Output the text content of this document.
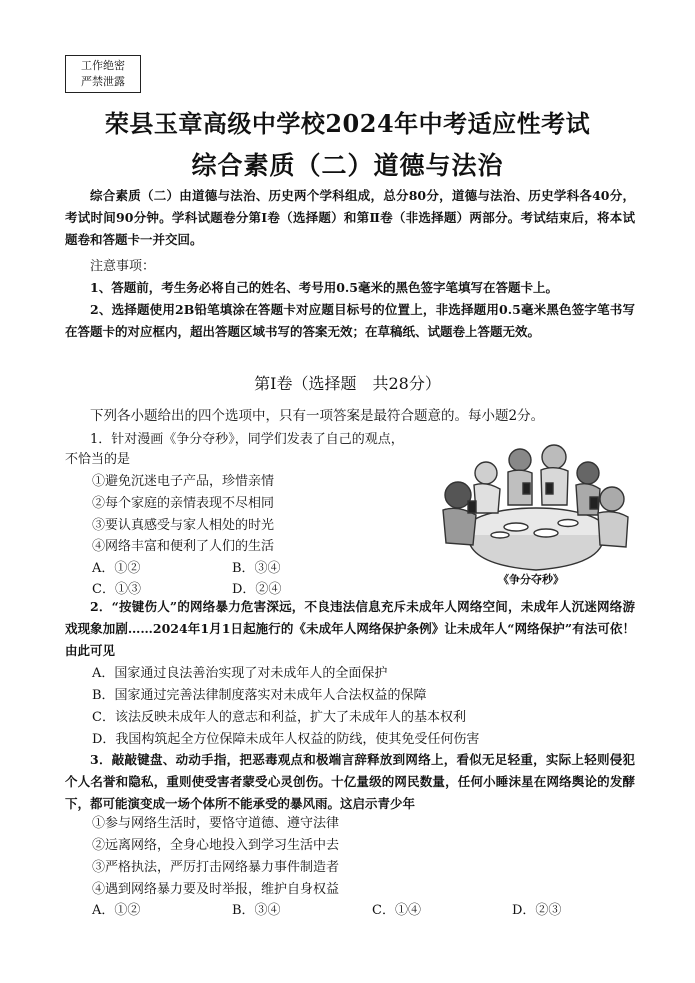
工作绝密
严禁泄露
荣县玉章高级中学校2024年中考适应性考试
综合素质（二）道德与法治
综合素质（二）由道德与法治、历史两个学科组成，总分80分，道德与法治、历史学科各40分，考试时间90分钟。学科试题卷分第Ⅰ卷（选择题）和第Ⅱ卷（非选择题）两部分。考试结束后，将本试题卷和答题卡一并交回。
注意事项：
1、答题前，考生务必将自己的姓名、考号用0.5毫米的黑色签字笔填写在答题卡上。
2、选择题使用2B铅笔填涂在答题卡对应题目标号的位置上，非选择题用0.5毫米黑色签字笔书写在答题卡的对应框内，超出答题区域书写的答案无效；在草稿纸、试题卷上答题无效。
第Ⅰ卷（选择题　共28分）
下列各小题给出的四个选项中，只有一项答案是最符合题意的。每小题2分。
1．针对漫画《争分夺秒》，同学们发表了自己的观点，
不恰当的是
①避免沉迷电子产品，珍惜亲情
②每个家庭的亲情表现不尽相同
③要认真感受与家人相处的时光
④网络丰富和便利了人们的生活
A．①②	B．③④
C．①③	D．②④
《争分夺秒》
2．“按键伤人”的网络暴力危害深远，不良违法信息充斥未成年人网络空间，未成年人沉迷网络游戏现象加剧……2024年1月1日起施行的《未成年人网络保护条例》让未成年人“网络保护”有法可依！由此可见
A．国家通过良法善治实现了对未成年人的全面保护
B．国家通过完善法律制度落实对未成年人合法权益的保障
C．该法反映未成年人的意志和利益，扩大了未成年人的基本权利
D．我国构筑起全方位保障未成年人权益的防线，使其免受任何伤害
3．敲敲键盘、动动手指，把恶毒观点和极端言辞释放到网络上，看似无足轻重，实际上轻则侵犯个人名誉和隐私，重则使受害者蒙受心灵创伤。十亿量级的网民数量，任何小睡沫星在网络舆论的发酵下，都可能演变成一场个体所不能承受的暴风雨。这启示青少年
①参与网络生活时，要恪守道德、遵守法律
②远离网络，全身心地投入到学习生活中去
③严格执法，严厉打击网络暴力事件制造者
④遇到网络暴力要及时举报，维护自身权益
A．①②	B．③④	C．①④	D．②③
